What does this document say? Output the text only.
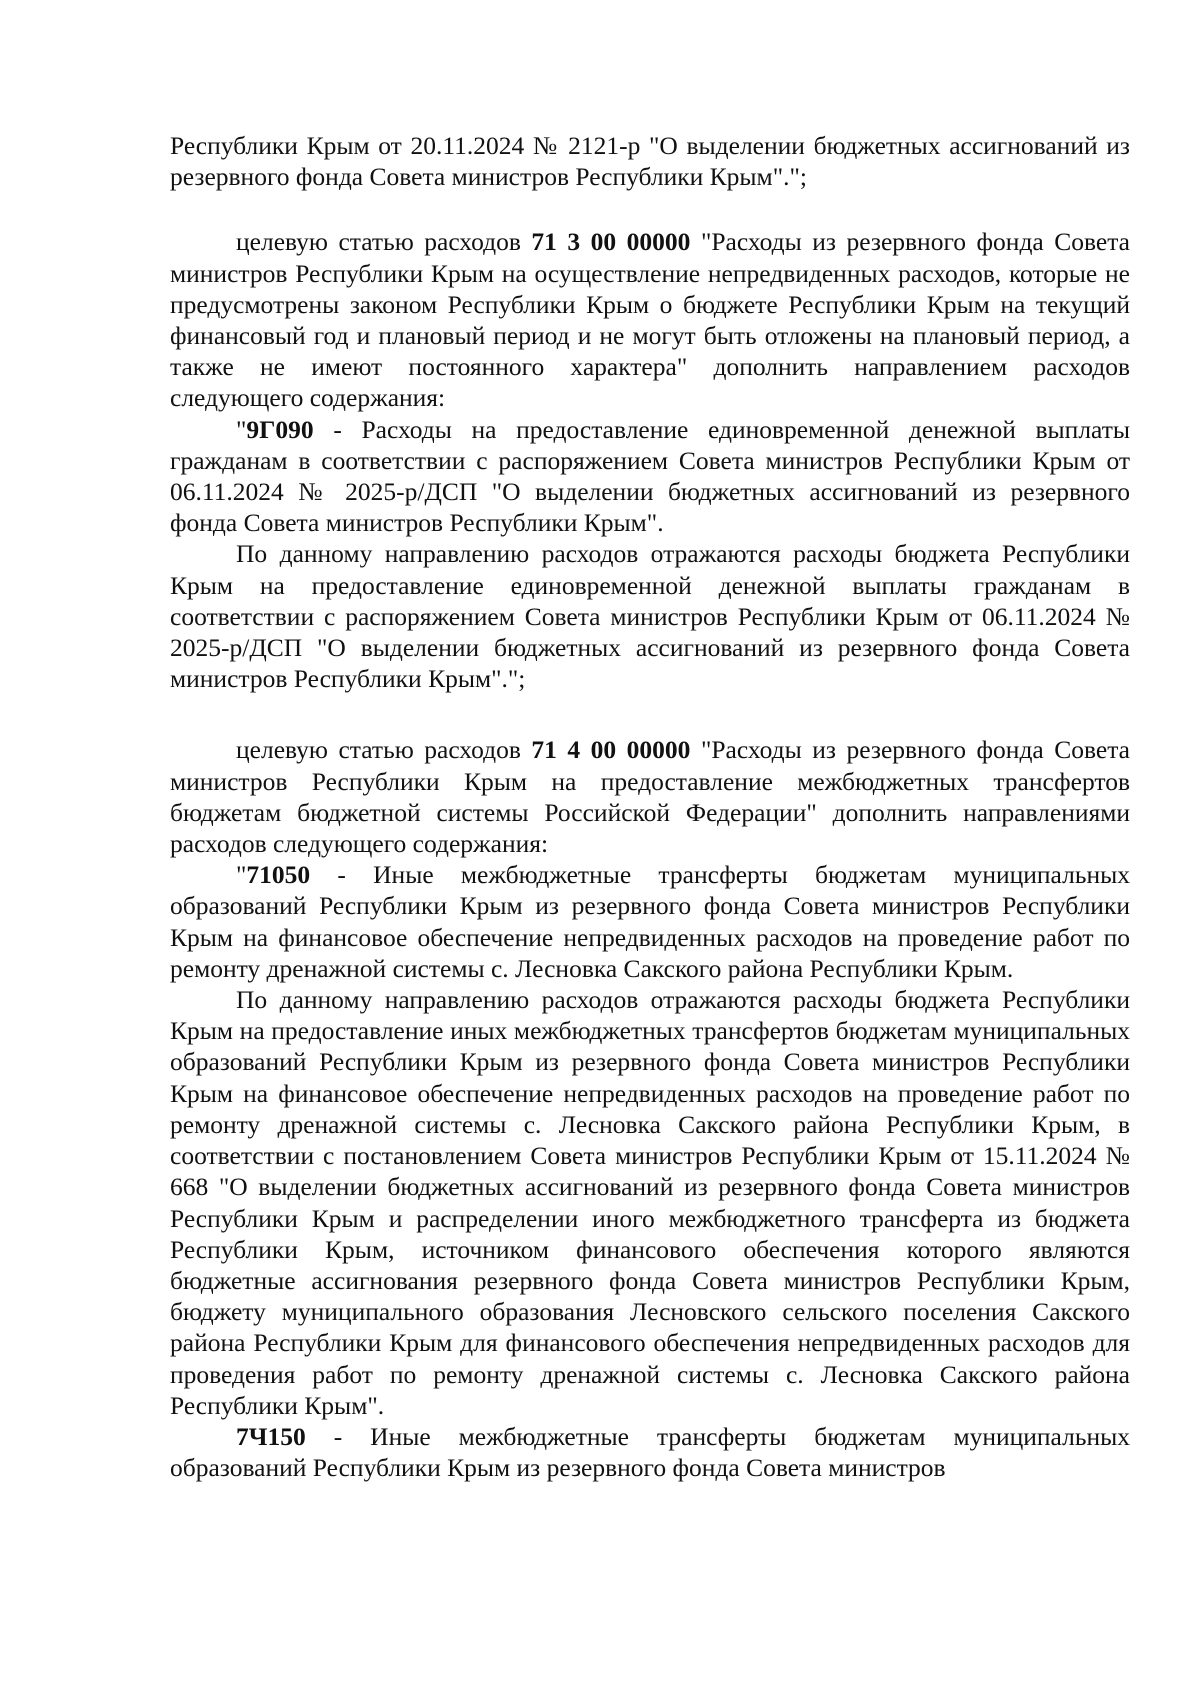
Республики Крым от 20.11.2024 № 2121-р "О выделении бюджетных ассигнований из резервного фонда Совета министров Республики Крым".";

целевую статью расходов 71 3 00 00000 "Расходы из резервного фонда Совета министров Республики Крым на осуществление непредвиденных расходов, которые не предусмотрены законом Республики Крым о бюджете Республики Крым на текущий финансовый год и плановый период и не могут быть отложены на плановый период, а также не имеют постоянного характера" дополнить направлением расходов следующего содержания:

"9Г090 - Расходы на предоставление единовременной денежной выплаты гражданам в соответствии с распоряжением Совета министров Республики Крым от 06.11.2024 № 2025-р/ДСП "О выделении бюджетных ассигнований из резервного фонда Совета министров Республики Крым".

По данному направлению расходов отражаются расходы бюджета Республики Крым на предоставление единовременной денежной выплаты гражданам в соответствии с распоряжением Совета министров Республики Крым от 06.11.2024 № 2025-р/ДСП "О выделении бюджетных ассигнований из резервного фонда Совета министров Республики Крым".";

целевую статью расходов 71 4 00 00000 "Расходы из резервного фонда Совета министров Республики Крым на предоставление межбюджетных трансфертов бюджетам бюджетной системы Российской Федерации" дополнить направлениями расходов следующего содержания:

"71050 - Иные межбюджетные трансферты бюджетам муниципальных образований Республики Крым из резервного фонда Совета министров Республики Крым на финансовое обеспечение непредвиденных расходов на проведение работ по ремонту дренажной системы с. Лесновка Сакского района Республики Крым.

По данному направлению расходов отражаются расходы бюджета Республики Крым на предоставление иных межбюджетных трансфертов бюджетам муниципальных образований Республики Крым из резервного фонда Совета министров Республики Крым на финансовое обеспечение непредвиденных расходов на проведение работ по ремонту дренажной системы с. Лесновка Сакского района Республики Крым, в соответствии с постановлением Совета министров Республики Крым от 15.11.2024 № 668 "О выделении бюджетных ассигнований из резервного фонда Совета министров Республики Крым и распределении иного межбюджетного трансферта из бюджета Республики Крым, источником финансового обеспечения которого являются бюджетные ассигнования резервного фонда Совета министров Республики Крым, бюджету муниципального образования Лесновского сельского поселения Сакского района Республики Крым для финансового обеспечения непредвиденных расходов для проведения работ по ремонту дренажной системы с. Лесновка Сакского района Республики Крым".

7Ч150 - Иные межбюджетные трансферты бюджетам муниципальных образований Республики Крым из резервного фонда Совета министров
